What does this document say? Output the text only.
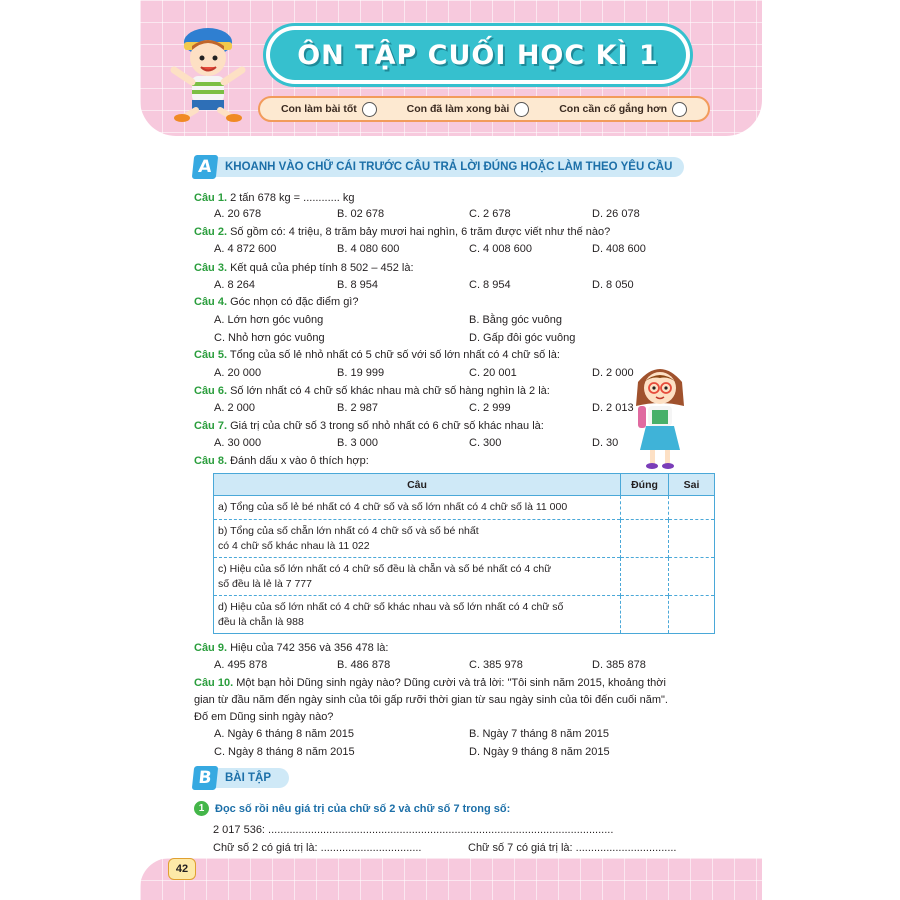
ÔN TẬP CUỐI HỌC KÌ 1
Con làm bài tốt	Con đã làm xong bài	Con cần cố gắng hơn
A	KHOANH VÀO CHỮ CÁI TRƯỚC CÂU TRẢ LỜI ĐÚNG HOẶC LÀM THEO YÊU CẦU
Câu 1. 2 tấn 678 kg = ............ kg
A. 20 678	B. 02 678	C. 2 678	D. 26 078
Câu 2. Số gồm có: 4 triệu, 8 trăm bảy mươi hai nghìn, 6 trăm được viết như thế nào?
A. 4 872 600	B. 4 080 600	C. 4 008 600	D. 408 600
Câu 3. Kết quả của phép tính 8 502 – 452 là:
A. 8 264	B. 8 954	C. 8 954	D. 8 050
Câu 4. Góc nhọn có đặc điểm gì?
A. Lớn hơn góc vuông	B. Bằng góc vuông
C. Nhỏ hơn góc vuông	D. Gấp đôi góc vuông
Câu 5. Tổng của số lẻ nhỏ nhất có 5 chữ số với số lớn nhất có 4 chữ số là:
A. 20 000	B. 19 999	C. 20 001	D. 2 000
Câu 6. Số lớn nhất có 4 chữ số khác nhau mà chữ số hàng nghìn là 2 là:
A. 2 000	B. 2 987	C. 2 999	D. 2 013
Câu 7. Giá trị của chữ số 3 trong số nhỏ nhất có 6 chữ số khác nhau là:
A. 30 000	B. 3 000	C. 300	D. 30
Câu 8. Đánh dấu x vào ô thích hợp:
Câu	Đúng	Sai
a) Tổng của số lẻ bé nhất có 4 chữ số và số lớn nhất có 4 chữ số là 11 000		

b) Tổng của số chẵn lớn nhất có 4 chữ số và số bé nhất
có 4 chữ số khác nhau là 11 022		

c) Hiệu của số lớn nhất có 4 chữ số đều là chẵn và số bé nhất có 4 chữ
số đều là lẻ là 7 777		

d) Hiệu của số lớn nhất có 4 chữ số khác nhau và số lớn nhất có 4 chữ số
đều là chẵn là 988		

Câu 9. Hiệu của 742 356 và 356 478 là:
A. 495 878	B. 486 878	C. 385 978	D. 385 878
Câu 10. Một bạn hỏi Dũng sinh ngày nào? Dũng cười và trả lời: "Tôi sinh năm 2015, khoảng thời
gian từ đầu năm đến ngày sinh của tôi gấp rưỡi thời gian từ sau ngày sinh của tôi đến cuối năm".
Đố em Dũng sinh ngày nào?
A. Ngày 6 tháng 8 năm 2015	B. Ngày 7 tháng 8 năm 2015
C. Ngày 8 tháng 8 năm 2015	D. Ngày 9 tháng 8 năm 2015
B	BÀI TẬP
1 Đọc số rồi nêu giá trị của chữ số 2 và chữ số 7 trong số:
2 017 536: .................................................................................................................
Chữ số 2 có giá trị là: .................................	Chữ số 7 có giá trị là: .................................
42
